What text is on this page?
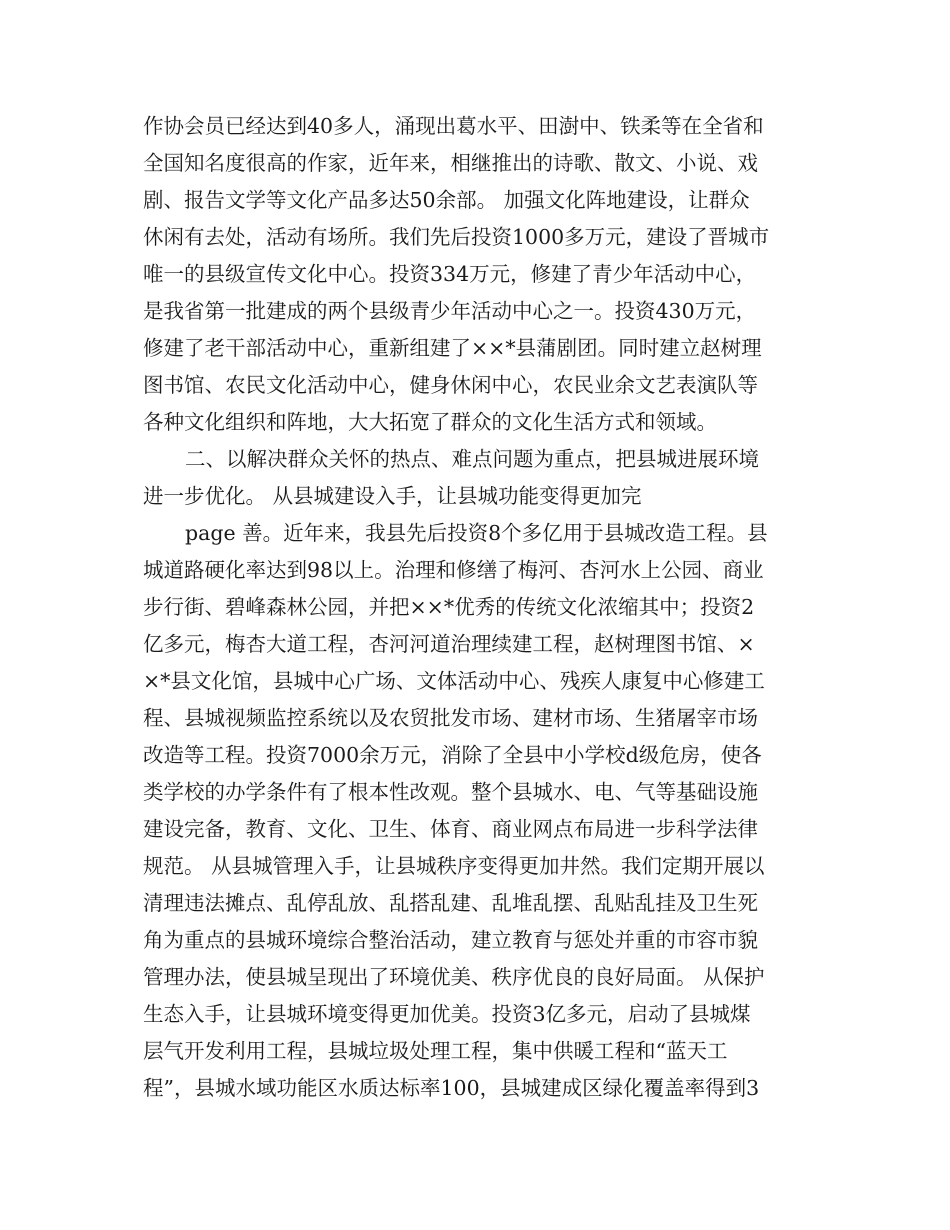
作协会员已经达到40多人，涌现出葛水平、田澍中、铁柔等在全省和
全国知名度很高的作家，近年来，相继推出的诗歌、散文、小说、戏
剧、报告文学等文化产品多达50余部。 加强文化阵地建设，让群众
休闲有去处，活动有场所。我们先后投资1000多万元，建设了晋城市
唯一的县级宣传文化中心。投资334万元，修建了青少年活动中心，
是我省第一批建成的两个县级青少年活动中心之一。投资430万元，
修建了老干部活动中心，重新组建了××*县蒲剧团。同时建立赵树理
图书馆、农民文化活动中心，健身休闲中心，农民业余文艺表演队等
各种文化组织和阵地，大大拓宽了群众的文化生活方式和领域。
二、以解决群众关怀的热点、难点问题为重点，把县城进展环境
进一步优化。 从县城建设入手，让县城功能变得更加完
page 善。近年来，我县先后投资8个多亿用于县城改造工程。县
城道路硬化率达到98以上。治理和修缮了梅河、杏河水上公园、商业
步行街、碧峰森林公园，并把××*优秀的传统文化浓缩其中；投资2
亿多元，梅杏大道工程，杏河河道治理续建工程，赵树理图书馆、×
×*县文化馆，县城中心广场、文体活动中心、残疾人康复中心修建工
程、县城视频监控系统以及农贸批发市场、建材市场、生猪屠宰市场
改造等工程。投资7000余万元，消除了全县中小学校d级危房，使各
类学校的办学条件有了根本性改观。整个县城水、电、气等基础设施
建设完备，教育、文化、卫生、体育、商业网点布局进一步科学法律
规范。 从县城管理入手，让县城秩序变得更加井然。我们定期开展以
清理违法摊点、乱停乱放、乱搭乱建、乱堆乱摆、乱贴乱挂及卫生死
角为重点的县城环境综合整治活动，建立教育与惩处并重的市容市貌
管理办法，使县城呈现出了环境优美、秩序优良的良好局面。 从保护
生态入手，让县城环境变得更加优美。投资3亿多元，启动了县城煤
层气开发利用工程，县城垃圾处理工程，集中供暖工程和“蓝天工
程”，县城水域功能区水质达标率100，县城建成区绿化覆盖率得到3
